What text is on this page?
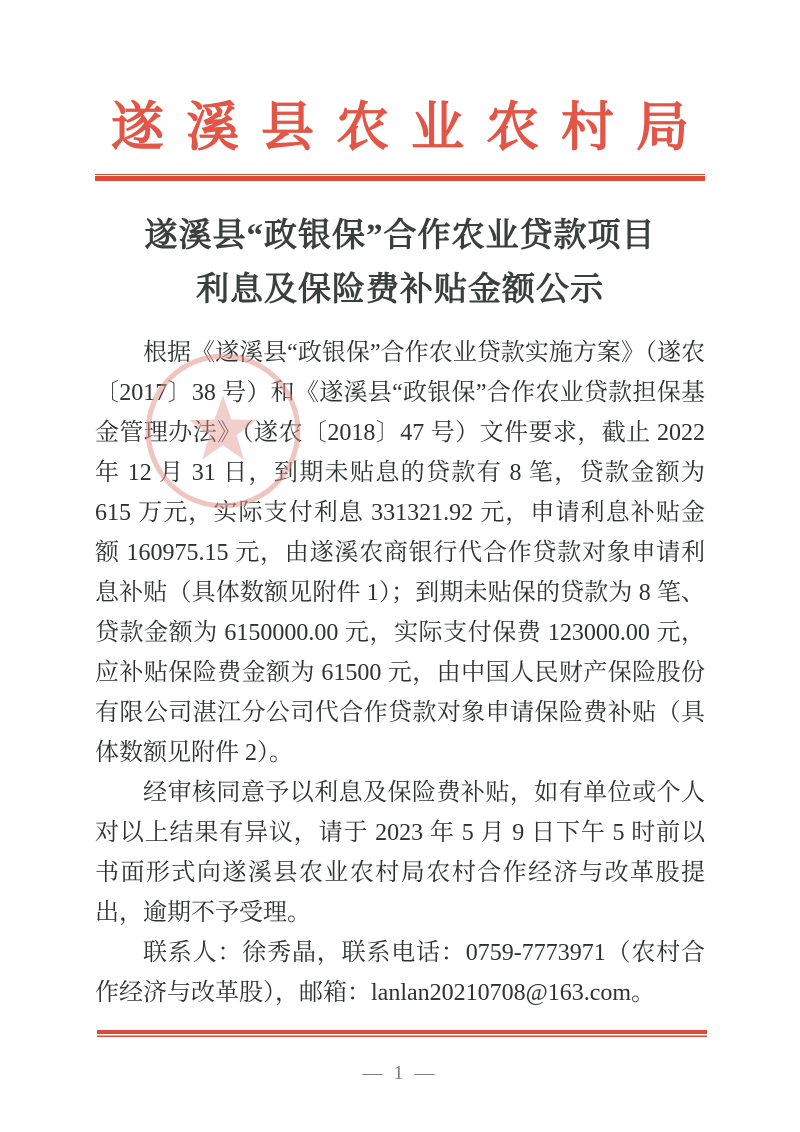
遂溪县农业农村局
遂溪县“政银保”合作农业贷款项目
利息及保险费补贴金额公示

根据《遂溪县“政银保”合作农业贷款实施方案》（遂农〔2017〕38 号）和《遂溪县“政银保”合作农业贷款担保基金管理办法》（遂农〔2018〕47 号）文件要求，截止 2022 年 12 月 31 日，到期未贴息的贷款有 8 笔，贷款金额为 615 万元，实际支付利息 331321.92 元，申请利息补贴金额 160975.15 元，由遂溪农商银行代合作贷款对象申请利息补贴（具体数额见附件 1）；到期未贴保的贷款为 8 笔、贷款金额为 6150000.00 元，实际支付保费 123000.00 元，应补贴保险费金额为 61500 元，由中国人民财产保险股份有限公司湛江分公司代合作贷款对象申请保险费补贴（具体数额见附件 2）。

经审核同意予以利息及保险费补贴，如有单位或个人对以上结果有异议，请于 2023 年 5 月 9 日下午 5 时前以书面形式向遂溪县农业农村局农村合作经济与改革股提出，逾期不予受理。

联系人：徐秀晶，联系电话：0759-7773971（农村合作经济与改革股），邮箱：lanlan20210708@163.com。

— 1 —
